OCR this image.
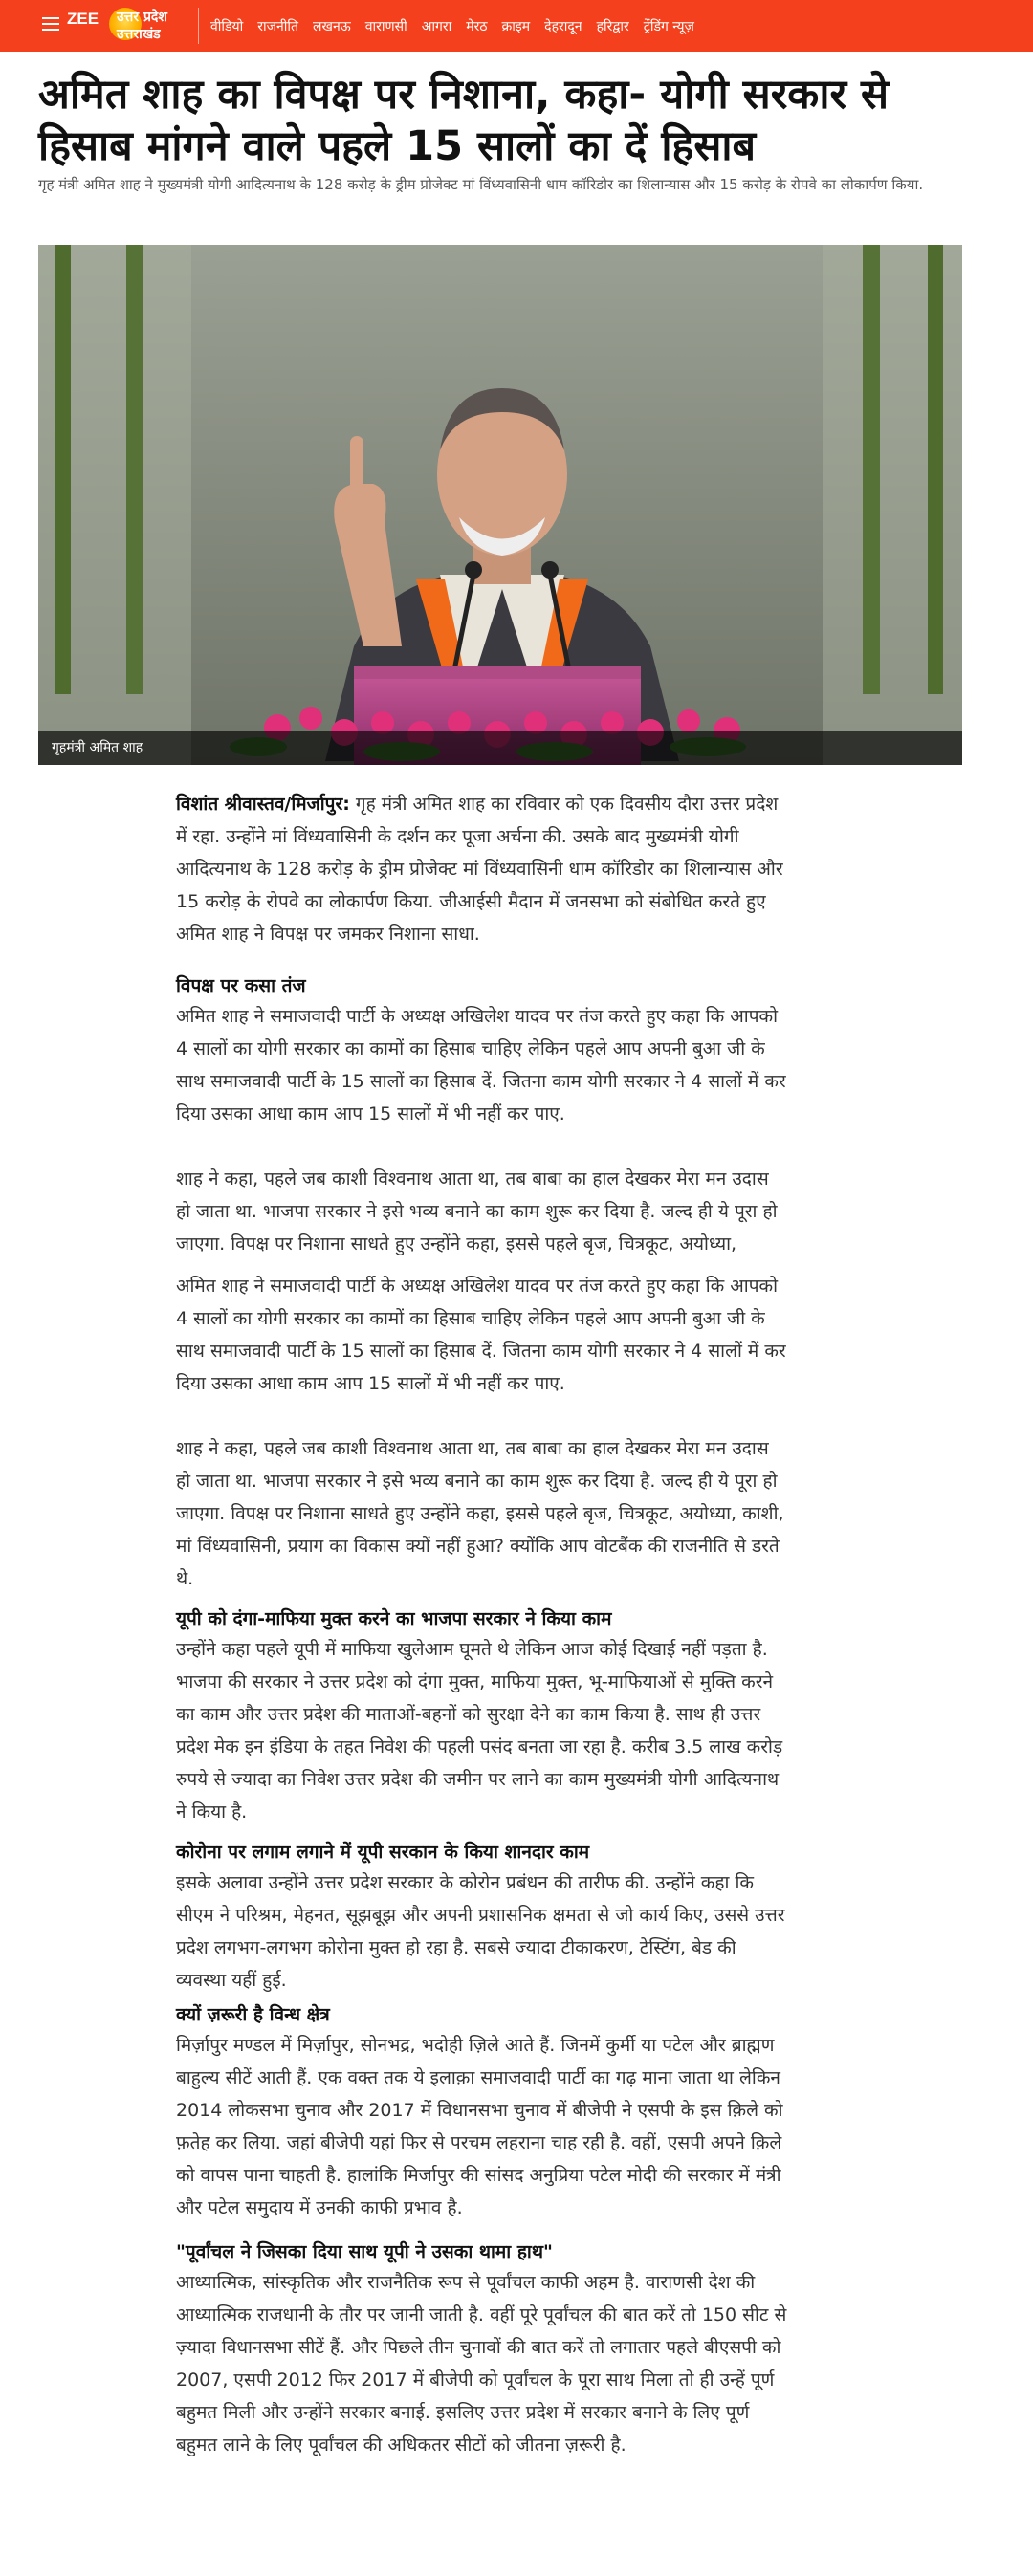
ZEE उत्तर प्रदेश
उत्तराखंड
वीडियो राजनीति लखनऊ वाराणसी आगरा मेरठ क्राइम देहरादून हरिद्वार ट्रेंडिंग न्यूज़
अमित शाह का विपक्ष पर निशाना, कहा- योगी सरकार से हिसाब मांगने वाले पहले 15 सालों का दें हिसाब

गृह मंत्री अमित शाह ने मुख्यमंत्री योगी आदित्यनाथ के 128 करोड़ के ड्रीम प्रोजेक्ट मां विंध्यवासिनी धाम कॉरिडोर का शिलान्यास और 15 करोड़ के रोपवे का लोकार्पण किया.

गृहमंत्री अमित शाह

विशांत श्रीवास्तव/मिर्जापुर: गृह मंत्री अमित शाह का रविवार को एक दिवसीय दौरा उत्तर प्रदेश में रहा. उन्होंने मां विंध्यवासिनी के दर्शन कर पूजा अर्चना की. उसके बाद मुख्यमंत्री योगी आदित्यनाथ के 128 करोड़ के ड्रीम प्रोजेक्ट मां विंध्यवासिनी धाम कॉरिडोर का शिलान्यास और 15 करोड़ के रोपवे का लोकार्पण किया. जीआईसी मैदान में जनसभा को संबोधित करते हुए अमित शाह ने विपक्ष पर जमकर निशाना साधा.

विपक्ष पर कसा तंज

अमित शाह ने समाजवादी पार्टी के अध्यक्ष अखिलेश यादव पर तंज करते हुए कहा कि आपको 4 सालों का योगी सरकार का कामों का हिसाब चाहिए लेकिन पहले आप अपनी बुआ जी के साथ समाजवादी पार्टी के 15 सालों का हिसाब दें. जितना काम योगी सरकार ने 4 सालों में कर दिया उसका आधा काम आप 15 सालों में भी नहीं कर पाए.

शाह ने कहा, पहले जब काशी विश्वनाथ आता था, तब बाबा का हाल देखकर मेरा मन उदास हो जाता था. भाजपा सरकार ने इसे भव्य बनाने का काम शुरू कर दिया है. जल्द ही ये पूरा हो जाएगा. विपक्ष पर निशाना साधते हुए उन्होंने कहा, इससे पहले बृज, चित्रकूट, अयोध्या,

अमित शाह ने समाजवादी पार्टी के अध्यक्ष अखिलेश यादव पर तंज करते हुए कहा कि आपको 4 सालों का योगी सरकार का कामों का हिसाब चाहिए लेकिन पहले आप अपनी बुआ जी के साथ समाजवादी पार्टी के 15 सालों का हिसाब दें. जितना काम योगी सरकार ने 4 सालों में कर दिया उसका आधा काम आप 15 सालों में भी नहीं कर पाए.

शाह ने कहा, पहले जब काशी विश्वनाथ आता था, तब बाबा का हाल देखकर मेरा मन उदास हो जाता था. भाजपा सरकार ने इसे भव्य बनाने का काम शुरू कर दिया है. जल्द ही ये पूरा हो जाएगा. विपक्ष पर निशाना साधते हुए उन्होंने कहा, इससे पहले बृज, चित्रकूट, अयोध्या, काशी, मां विंध्यवासिनी, प्रयाग का विकास क्यों नहीं हुआ? क्योंकि आप वोटबैंक की राजनीति से डरते थे.

यूपी को दंगा-माफिया मुक्त करने का भाजपा सरकार ने किया काम

उन्होंने कहा पहले यूपी में माफिया खुलेआम घूमते थे लेकिन आज कोई दिखाई नहीं पड़ता है. भाजपा की सरकार ने उत्तर प्रदेश को दंगा मुक्त, माफिया मुक्त, भू-माफियाओं से मुक्ति करने का काम और उत्तर प्रदेश की माताओं-बहनों को सुरक्षा देने का काम किया है. साथ ही उत्तर प्रदेश मेक इन इंडिया के तहत निवेश की पहली पसंद बनता जा रहा है. करीब 3.5 लाख करोड़ रुपये से ज्यादा का निवेश उत्तर प्रदेश की जमीन पर लाने का काम मुख्यमंत्री योगी आदित्यनाथ ने किया है.

कोरोना पर लगाम लगाने में यूपी सरकान के किया शानदार काम

इसके अलावा उन्होंने उत्तर प्रदेश सरकार के कोरोन प्रबंधन की तारीफ की. उन्होंने कहा कि सीएम ने परिश्रम, मेहनत, सूझबूझ और अपनी प्रशासनिक क्षमता से जो कार्य किए, उससे उत्तर प्रदेश लगभग-लगभग कोरोना मुक्त हो रहा है. सबसे ज्यादा टीकाकरण, टेस्टिंग, बेड की व्यवस्था यहीं हुई.

क्यों ज़रूरी है विन्ध क्षेत्र

मिर्ज़ापुर मण्डल में मिर्ज़ापुर, सोनभद्र, भदोही ज़िले आते हैं. जिनमें कुर्मी या पटेल और ब्राह्मण बाहुल्य सीटें आती हैं. एक वक्त तक ये इलाक़ा समाजवादी पार्टी का गढ़ माना जाता था लेकिन 2014 लोकसभा चुनाव और 2017 में विधानसभा चुनाव में बीजेपी ने एसपी के इस क़िले को फ़तेह कर लिया. जहां बीजेपी यहां फिर से परचम लहराना चाह रही है. वहीं, एसपी अपने क़िले को वापस पाना चाहती है. हालांकि मिर्जापुर की सांसद अनुप्रिया पटेल मोदी की सरकार में मंत्री और पटेल समुदाय में उनकी काफी प्रभाव है.

"पूर्वांचल ने जिसका दिया साथ यूपी ने उसका थामा हाथ"

आध्यात्मिक, सांस्कृतिक और राजनैतिक रूप से पूर्वांचल काफी अहम है. वाराणसी देश की आध्यात्मिक राजधानी के तौर पर जानी जाती है. वहीं पूरे पूर्वांचल की बात करें तो 150 सीट से ज़्यादा विधानसभा सीटें हैं. और पिछले तीन चुनावों की बात करें तो लगातार पहले बीएसपी को 2007, एसपी 2012 फिर 2017 में बीजेपी को पूर्वांचल के पूरा साथ मिला तो ही उन्हें पूर्ण बहुमत मिली और उन्होंने सरकार बनाई. इसलिए उत्तर प्रदेश में सरकार बनाने के लिए पूर्ण बहुमत लाने के लिए पूर्वांचल की अधिकतर सीटों को जीतना ज़रूरी है.
